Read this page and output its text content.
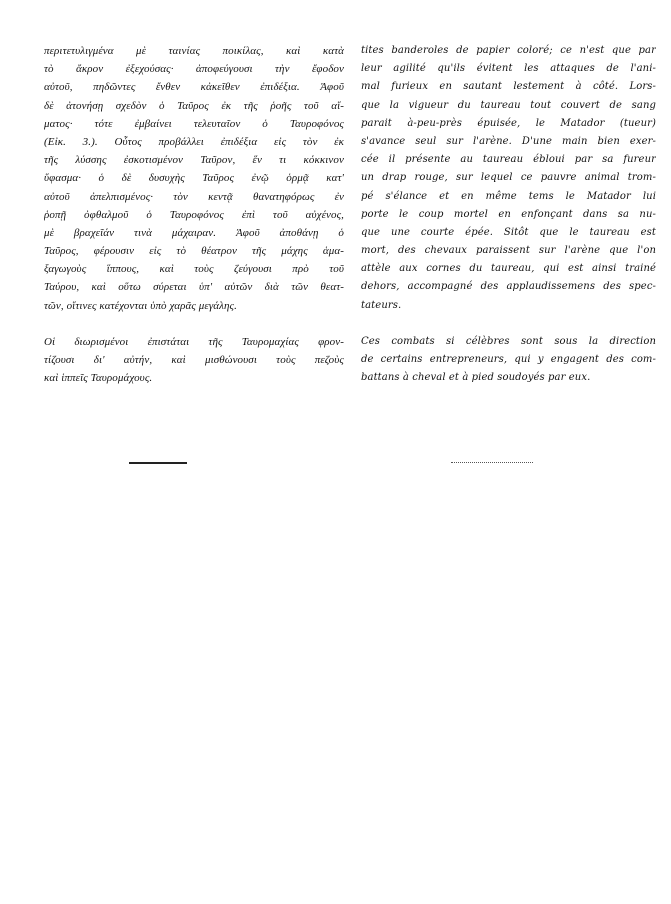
περιτετυλιγμένα μὲ ταινίας ποικίλας, καὶ κατὰ
τὸ ἄκρον ἐξεχούσας· ἀποφεύγουσι τὴν ἔφοδον
αὐτοῦ, πηδῶντες ἔνθεν κἀκεῖθεν ἐπιδέξια. Ἀφοῦ
δὲ ἀτονήσῃ σχεδὸν ὁ Ταῦρος ἐκ τῆς ῥοῆς τοῦ αἵ-
ματος· τότε ἐμβαίνει τελευταῖον ὁ Ταυροφόνος
(Εἰκ. 3.). Οὗτος προβάλλει ἐπιδέξια εἰς τὸν ἐκ
τῆς λύσσης ἐσκοτισμένον Ταῦρον, ἕν τι κόκκινον
ὕφασμα· ὁ δὲ δυσυχὴς Ταῦρος ἐνῷ ὁρμᾷ κατ'
αὐτοῦ ἀπελπισμένος· τὸν κεντᾷ θανατηφόρως ἐν
ῥοπῇ ὀφθαλμοῦ ὁ Ταυροφόνος ἐπὶ τοῦ αὐχένος,
μὲ βραχεῖάν τινὰ μάχαιραν. Ἀφοῦ ἀποθάνῃ ὁ
Ταῦρος, φέρουσιν εἰς τὸ θέατρον τῆς μάχης ἁμα-
ξαγωγοὺς ἵππους, καὶ τοὺς ζεύγουσι πρὸ τοῦ
Ταύρου, καὶ οὕτω σύρεται ὑπ' αὐτῶν διὰ τῶν θεατ-
τῶν, οἵτινες κατέχονται ὑπὸ χαρᾶς μεγάλης.
Οἱ διωρισμένοι ἐπιστάται τῆς Ταυρομαχίας φρον-
τίζουσι δι' αὐτήν, καὶ μισθώνουσι τοὺς πεζοὺς
καὶ ἱππεῖς Ταυρομάχους.
tites banderoles de papier coloré; ce n'est que par
leur agilité qu'ils évitent les attaques de l'ani-
mal furieux en sautant lestement à côté. Lors-
que la vigueur du taureau tout couvert de sang
parait à-peu-près épuisée, le Matador (tueur)
s'avance seul sur l'arène. D'une main bien exer-
cée il présente au taureau ébloui par sa fureur
un drap rouge, sur lequel ce pauvre animal trom-
pé s'élance et en même tems le Matador lui
porte le coup mortel en enfonçant dans sa nu-
que une courte épée. Sitôt que le taureau est
mort, des chevaux paraissent sur l'arène que l'on
attèle aux cornes du taureau, qui est ainsi trainé
dehors, accompagné des applaudissemens des spec-
tateurs.
Ces combats si célèbres sont sous la direction
de certains entrepreneurs, qui y engagent des com-
battans à cheval et à pied soudoyés par eux.
